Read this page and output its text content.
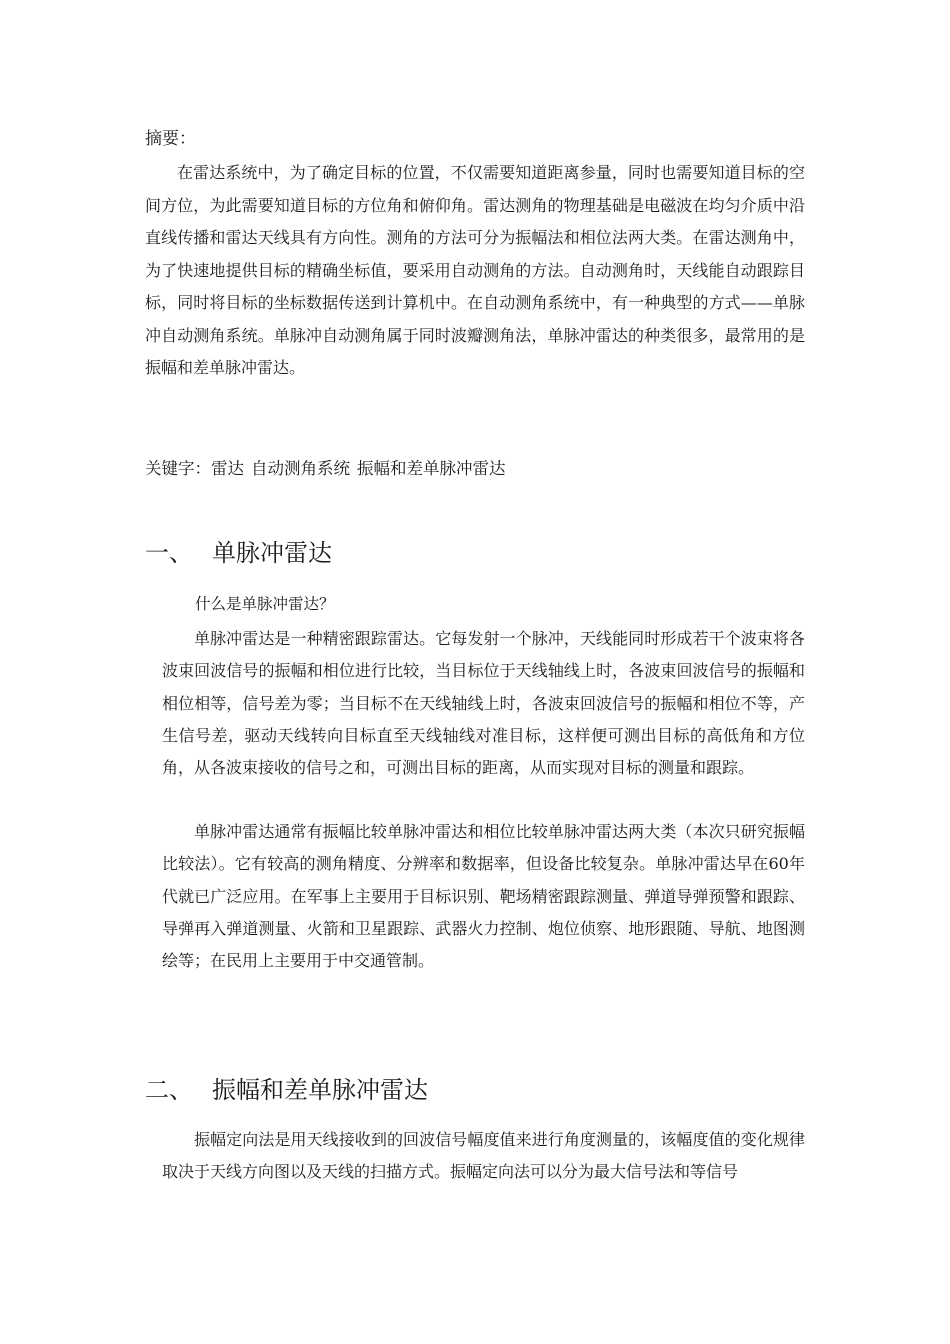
摘要：

在雷达系统中，为了确定目标的位置，不仅需要知道距离参量，同时也需要知道目标的空间方位，为此需要知道目标的方位角和俯仰角。雷达测角的物理基础是电磁波在均匀介质中沿直线传播和雷达天线具有方向性。测角的方法可分为振幅法和相位法两大类。在雷达测角中，为了快速地提供目标的精确坐标值，要采用自动测角的方法。自动测角时，天线能自动跟踪目标，同时将目标的坐标数据传送到计算机中。在自动测角系统中，有一种典型的方式——单脉冲自动测角系统。单脉冲自动测角属于同时波瓣测角法，单脉冲雷达的种类很多，最常用的是振幅和差单脉冲雷达。

关键字：雷达 自动测角系统 振幅和差单脉冲雷达
一、 单脉冲雷达
什么是单脉冲雷达？

单脉冲雷达是一种精密跟踪雷达。它每发射一个脉冲，天线能同时形成若干个波束将各波束回波信号的振幅和相位进行比较，当目标位于天线轴线上时，各波束回波信号的振幅和相位相等，信号差为零；当目标不在天线轴线上时，各波束回波信号的振幅和相位不等，产生信号差，驱动天线转向目标直至天线轴线对准目标，这样便可测出目标的高低角和方位角，从各波束接收的信号之和，可测出目标的距离，从而实现对目标的测量和跟踪。

单脉冲雷达通常有振幅比较单脉冲雷达和相位比较单脉冲雷达两大类（本次只研究振幅比较法）。它有较高的测角精度、分辨率和数据率，但设备比较复杂。单脉冲雷达早在60年代就已广泛应用。在军事上主要用于目标识别、靶场精密跟踪测量、弹道导弹预警和跟踪、导弹再入弹道测量、火箭和卫星跟踪、武器火力控制、炮位侦察、地形跟随、导航、地图测绘等；在民用上主要用于中交通管制。

二、 振幅和差单脉冲雷达

振幅定向法是用天线接收到的回波信号幅度值来进行角度测量的，该幅度值的变化规律取决于天线方向图以及天线的扫描方式。振幅定向法可以分为最大信号法和等信号
